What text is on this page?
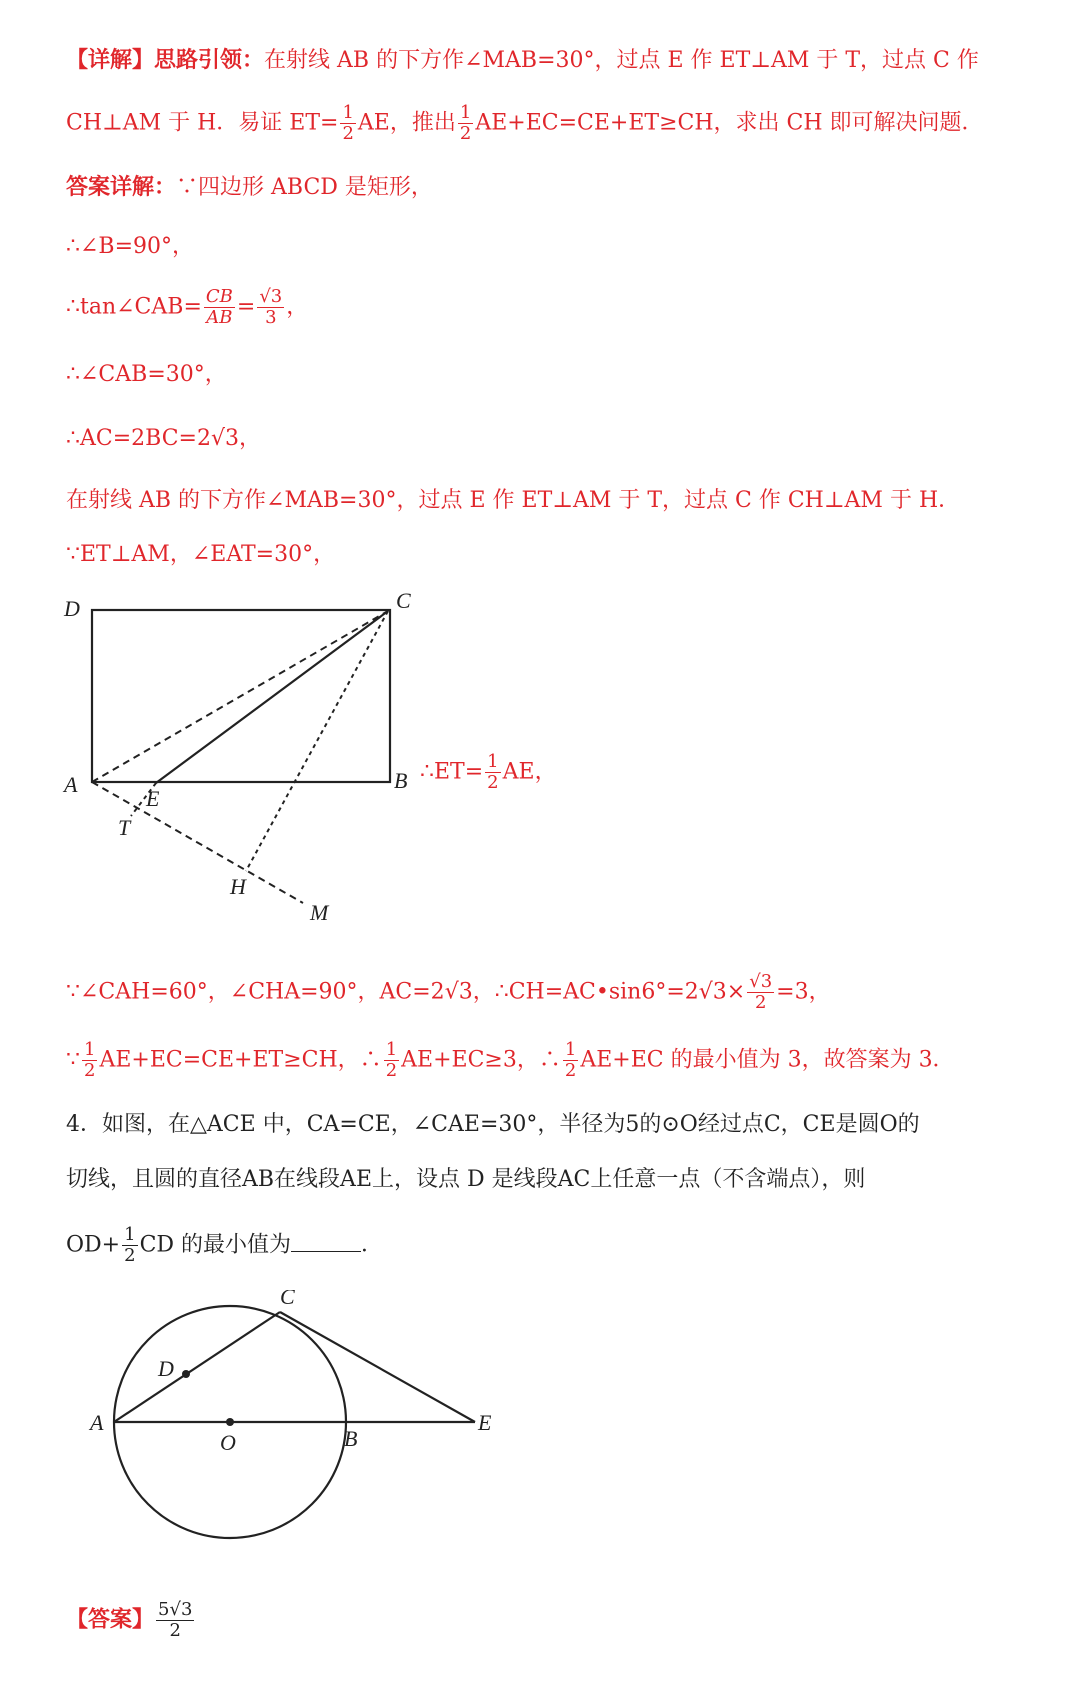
【详解】思路引领：在射线 AB 的下方作∠MAB=30°，过点 E 作 ET⊥AM 于 T，过点 C 作
CH⊥AM 于 H．易证 $ET= \frac{1}{2}$ AE，推出 $\frac{1}{2} AE+EC=CE+ET\ge CH$，求出 CH 即可解决问题．
答案详解：∵四边形 ABCD 是矩形，
∴∠B=90°，
∴tan∠CAB= $\frac{CB}{AB} = \frac{√3}{3}$ ，
∴∠CAB=30°，
∴AC=2BC=2√3，
在射线 AB 的下方作∠MAB=30°，过点 E 作 ET⊥AM 于 T，过点 C 作 CH⊥AM 于 H．
∵ET⊥AM，∠EAT=30°，
D	C
A
E
B
T
H
M
∴ET= $\frac{1}{2}$ AE，
∵∠CAH=60°，∠CHA=90°，AC=2√3，∴CH=AC•sin6°=2√3× $\frac{√3}{2} =3$，
∵ $\frac{1}{2} AE+EC=CE+ET\ge CH$，∴ $\frac{1}{2} AE+EC\ge 3$，∴ $\frac{1}{2} AE+EC$ 的最小值为 3，故答案为 3．
4．如图，在△ACE 中，CA=CE，∠CAE=30°，半径为5的⊙O经过点C，CE是圆O的
切线，且圆的直径AB在线段AE上，设点 D 是线段AC上任意一点（不含端点），则
$OD+ \frac{1}{2}$ CD 的最小值为	．
C
D
A
O	B
E
【答案】 $\frac{5√3}{2}$
